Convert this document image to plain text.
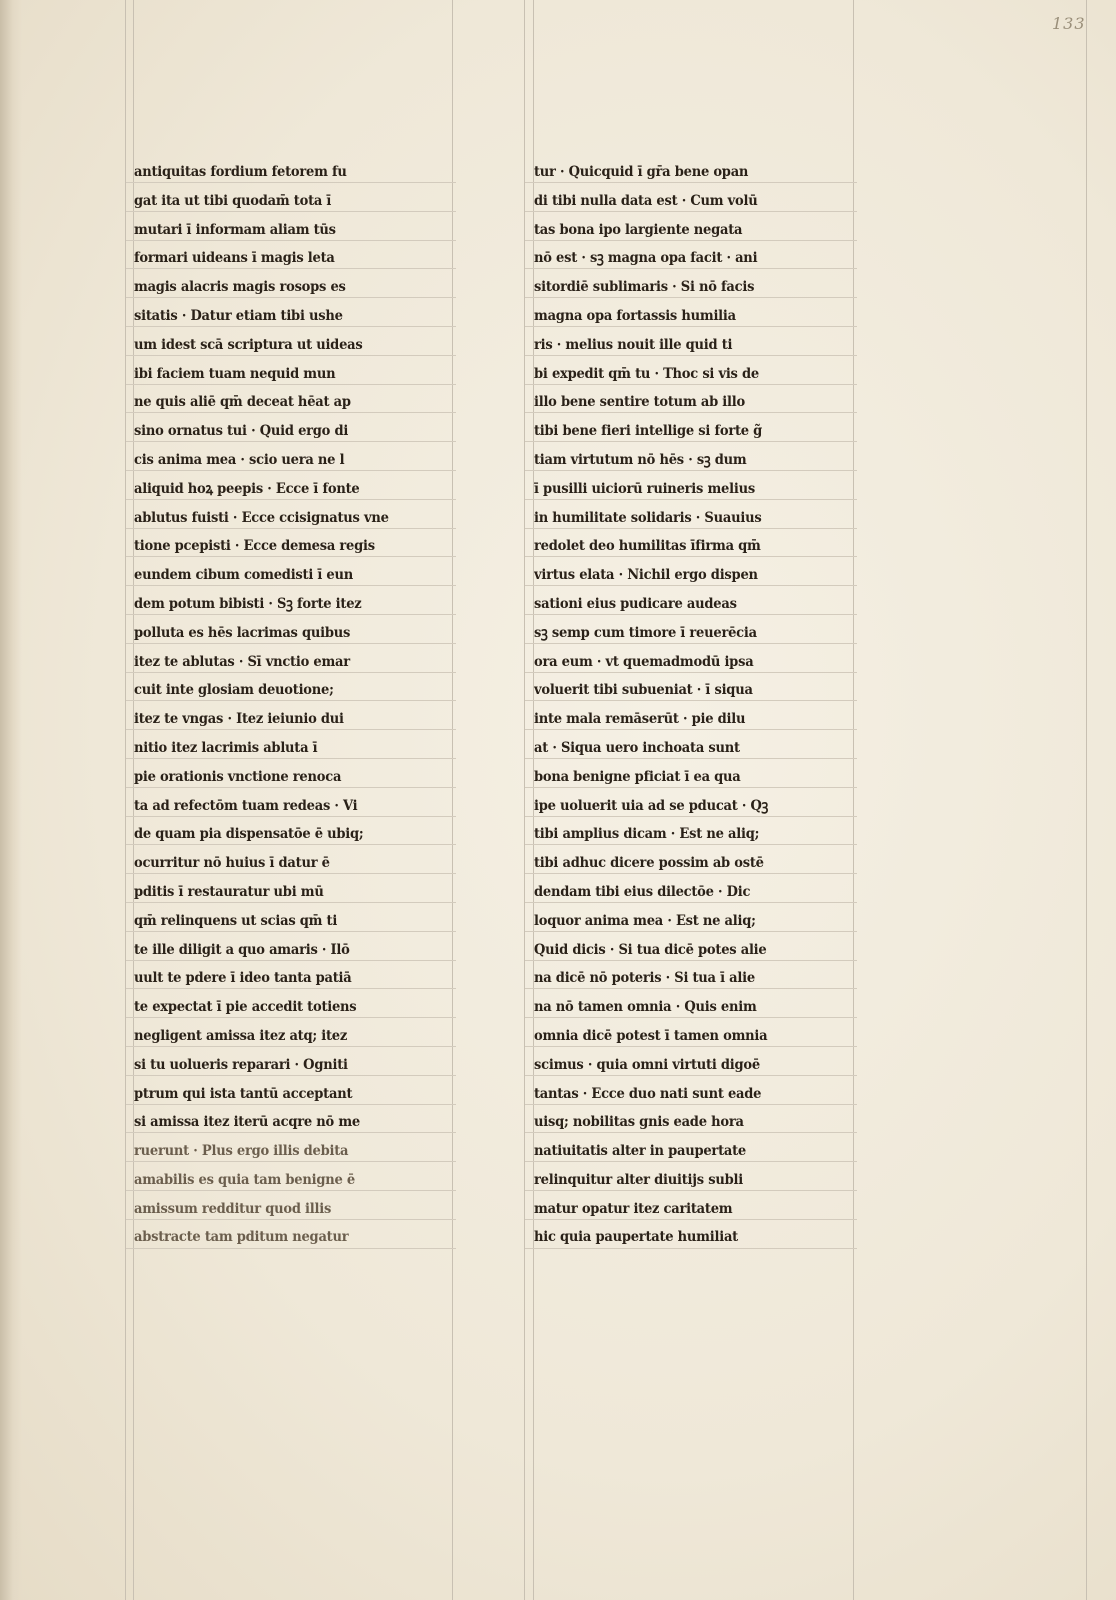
133
antiquitas fordium fetorem fu
gat ita ut tibi quodam̄ tota ī
mutari ī informam aliam tūs
formari uideans ī magis leta
magis alacris magis rosops es
sitatis · Datur etiam tibi ushe
um idest scā scriptura ut uideas
ibi faciem tuam nequid mun
ne quis aliē qm̄ deceat hēat ap
sino ornatus tui · Quid ergo di
cis anima mea · scio uera ne l
aliquid hoꝝ peepis · Ecce ī fonte
ablutus fuisti · Ecce ccisignatus vne
tione pcepisti · Ecce demesa regis
eundem cibum comedisti ī eun
dem potum bibisti · Sꝫ forte itez
polluta es hēs lacrimas quibus
itez te ablutas · Sī vnctio emar
cuit inte glosiam deuotione;
itez te vngas · Itez ieiunio dui
nitio itez lacrimis abluta ī
pie orationis vnctione renoca
ta ad refectōm tuam redeas · Vi
de quam pia dispensatōe ē ubiq;
ocurritur nō huius ī datur ē
pditis ī restauratur ubi mū
qm̄ relinquens ut scias qm̄ ti
te ille diligit a quo amaris · Ilō
uult te pdere ī ideo tanta patiā
te expectat ī pie accedit totiens
negligent amissa itez atq; itez
si tu uolueris reparari · Ogniti
ptrum qui ista tantū acceptant
si amissa itez iterū acqre nō me
ruerunt · Plus ergo illis debita
amabilis es quia tam benigne ē
amissum redditur quod illis
abstracte tam pditum negatur
tur · Quicquid ī gr̄a bene opan
di tibi nulla data est · Cum volū
tas bona ipo largiente negata
nō est · sꝫ magna opa facit · ani
sitordiē sublimaris · Si nō facis
magna opa fortassis humilia
ris · melius nouit ille quid ti
bi expedit qm̄ tu · Thoc si vis de
illo bene sentire totum ab illo
tibi bene fieri intellige si forte g̃
tiam virtutum nō hēs · sꝫ dum
ī pusilli uiciorū ruineris melius
in humilitate solidaris · Suauius
redolet deo humilitas īfirma qm̄
virtus elata · Nichil ergo dispen
sationi eius pudicare audeas
sꝫ semp cum timore ī reuerēcia
ora eum · vt quemadmodū ipsa
voluerit tibi subueniat · ī siqua
inte mala remāserūt · pie dilu
at · Siqua uero inchoata sunt
bona benigne pficiat ī ea qua
ipe uoluerit uia ad se pducat · Qꝫ
tibi amplius dicam · Est ne aliq;
tibi adhuc dicere possim ab ostē
dendam tibi eius dilectōe · Dic
loquor anima mea · Est ne aliq;
Quid dicis · Si tua dicē potes alie
na dicē nō poteris · Si tua ī alie
na nō tamen omnia · Quis enim
omnia dicē potest ī tamen omnia
scimus · quia omni virtuti digoē
tantas · Ecce duo nati sunt eade
uisq; nobilitas gnis eade hora
natiuitatis alter in paupertate
relinquitur alter diuitijs subli
matur opatur itez caritatem
hic quia paupertate humiliat
